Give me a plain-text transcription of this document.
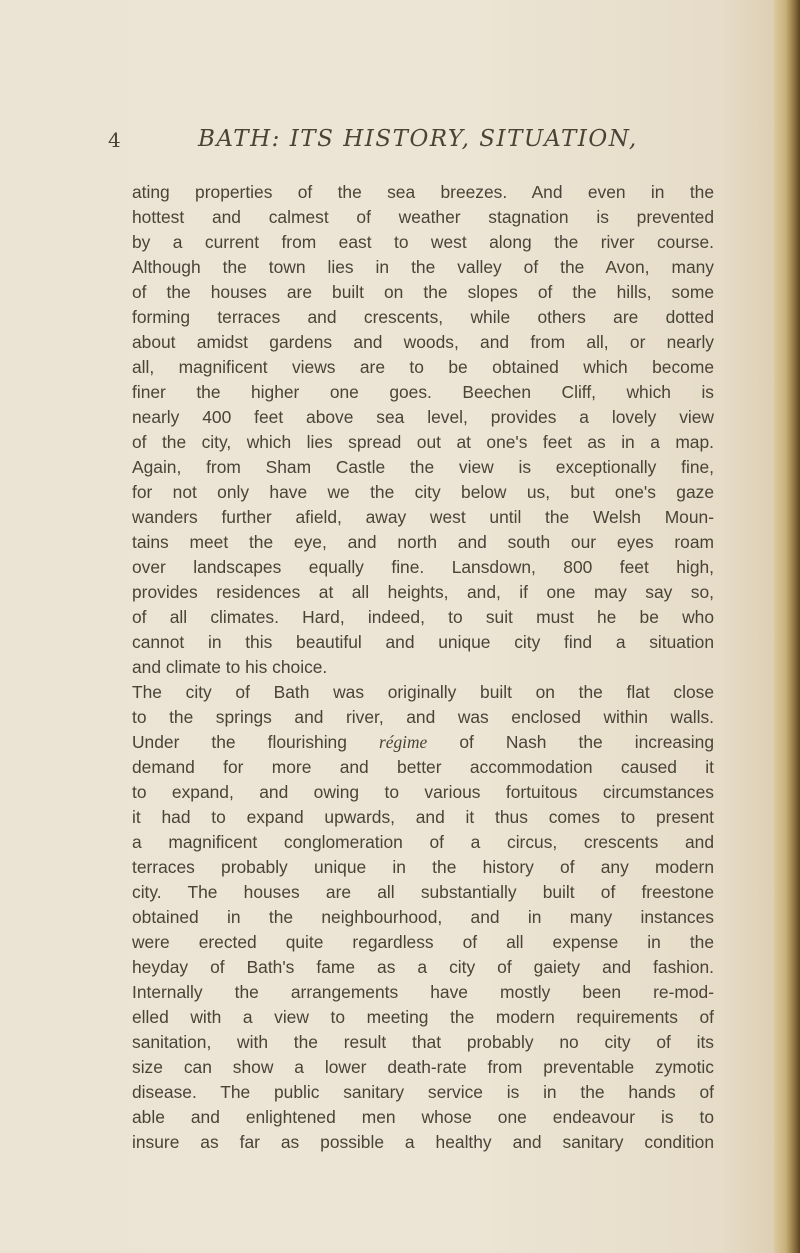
4	BATH: ITS HISTORY, SITUATION,
ating properties of the sea breezes. And even in the
hottest and calmest of weather stagnation is prevented
by a current from east to west along the river course.
Although the town lies in the valley of the Avon, many
of the houses are built on the slopes of the hills, some
forming terraces and crescents, while others are dotted
about amidst gardens and woods, and from all, or nearly
all, magnificent views are to be obtained which become
finer the higher one goes. Beechen Cliff, which is
nearly 400 feet above sea level, provides a lovely view
of the city, which lies spread out at one's feet as in a map.
Again, from Sham Castle the view is exceptionally fine,
for not only have we the city below us, but one's gaze
wanders further afield, away west until the Welsh Moun-
tains meet the eye, and north and south our eyes roam
over landscapes equally fine. Lansdown, 800 feet high,
provides residences at all heights, and, if one may say so,
of all climates. Hard, indeed, to suit must he be who
cannot in this beautiful and unique city find a situation
and climate to his choice.
The city of Bath was originally built on the flat close
to the springs and river, and was enclosed within walls.
Under the flourishing régime of Nash the increasing
demand for more and better accommodation caused it
to expand, and owing to various fortuitous circumstances
it had to expand upwards, and it thus comes to present
a magnificent conglomeration of a circus, crescents and
terraces probably unique in the history of any modern
city. The houses are all substantially built of freestone
obtained in the neighbourhood, and in many instances
were erected quite regardless of all expense in the
heyday of Bath's fame as a city of gaiety and fashion.
Internally the arrangements have mostly been re-mod-
elled with a view to meeting the modern requirements of
sanitation, with the result that probably no city of its
size can show a lower death-rate from preventable zymotic
disease. The public sanitary service is in the hands of
able and enlightened men whose one endeavour is to
insure as far as possible a healthy and sanitary condition
